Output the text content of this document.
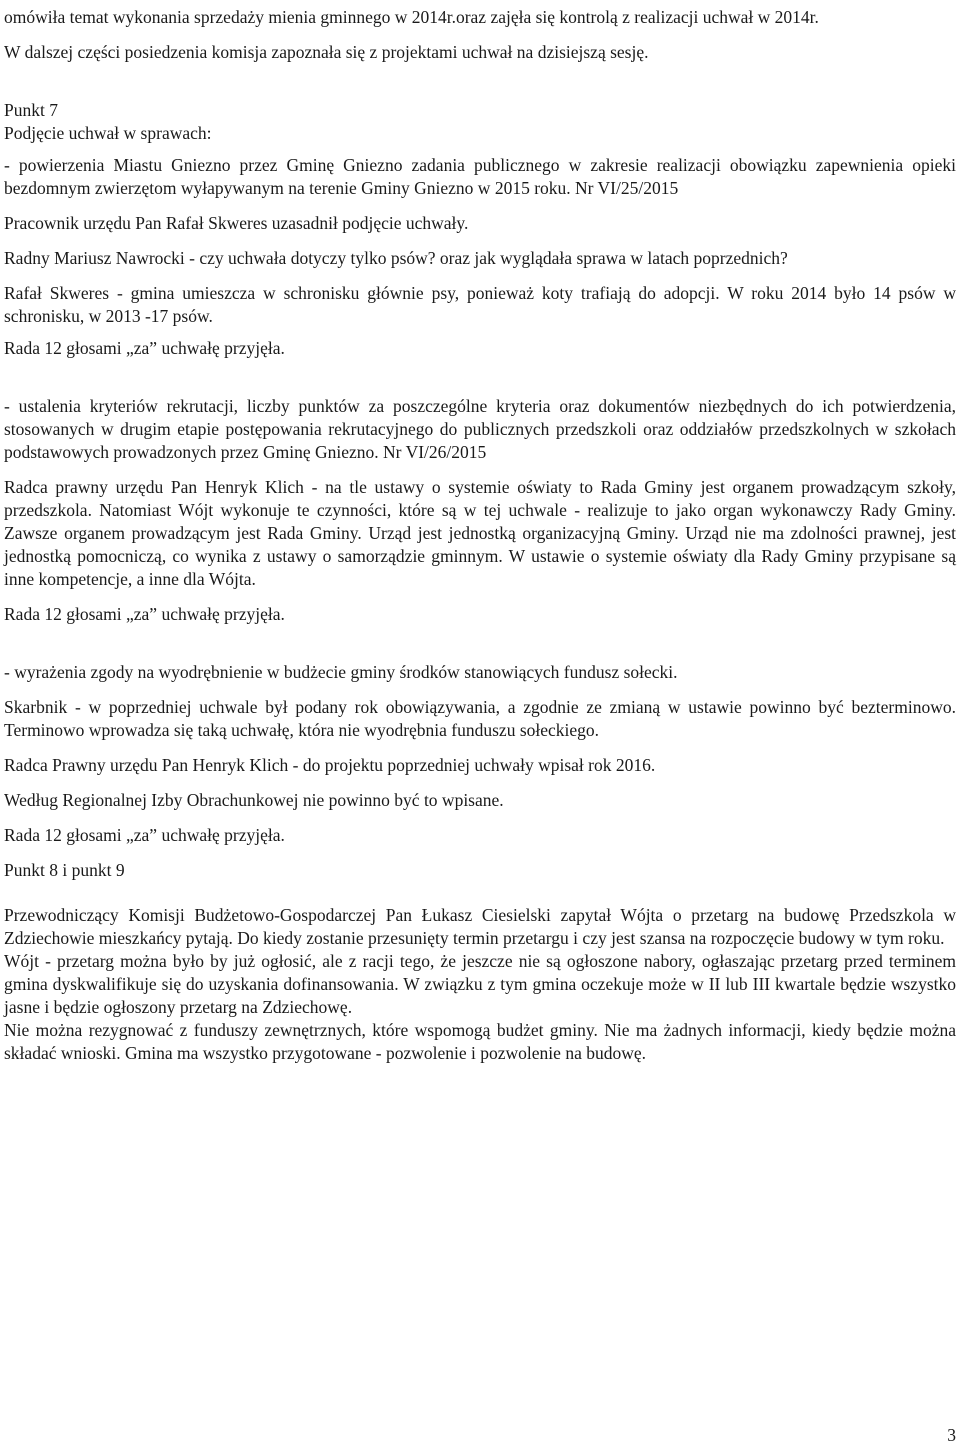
omówiła temat wykonania sprzedaży mienia gminnego w 2014r.oraz zajęła się kontrolą z realizacji uchwał w 2014r.

W dalszej części posiedzenia komisja zapoznała się z projektami uchwał na dzisiejszą sesję.

Punkt 7

Podjęcie uchwał w sprawach:

- powierzenia Miastu Gniezno przez Gminę Gniezno zadania publicznego w zakresie realizacji obowiązku zapewnienia opieki bezdomnym zwierzętom wyłapywanym na terenie Gminy Gniezno w 2015 roku. Nr VI/25/2015

Pracownik urzędu Pan Rafał Skweres uzasadnił podjęcie uchwały.

Radny Mariusz Nawrocki - czy uchwała dotyczy tylko psów? oraz jak wyglądała sprawa w latach poprzednich?

Rafał Skweres - gmina umieszcza w schronisku głównie psy, ponieważ koty trafiają do adopcji. W roku 2014 było 14 psów w schronisku, w 2013 -17 psów.

Rada 12 głosami „za” uchwałę przyjęła.

- ustalenia kryteriów rekrutacji, liczby punktów za poszczególne kryteria oraz dokumentów niezbędnych do ich potwierdzenia, stosowanych w drugim etapie postępowania rekrutacyjnego do publicznych przedszkoli oraz oddziałów przedszkolnych w szkołach podstawowych prowadzonych przez Gminę Gniezno. Nr VI/26/2015

Radca prawny urzędu Pan Henryk Klich - na tle ustawy o systemie oświaty to Rada Gminy jest organem prowadzącym szkoły, przedszkola. Natomiast Wójt wykonuje te czynności, które są w tej uchwale - realizuje to jako organ wykonawczy Rady Gminy. Zawsze organem prowadzącym jest Rada Gminy. Urząd jest jednostką organizacyjną Gminy. Urząd nie ma zdolności prawnej, jest jednostką pomocniczą, co wynika z ustawy o samorządzie gminnym. W ustawie o systemie oświaty dla Rady Gminy przypisane są inne kompetencje, a inne dla Wójta.

Rada 12 głosami „za” uchwałę przyjęła.

- wyrażenia zgody na wyodrębnienie w budżecie gminy środków stanowiących fundusz sołecki.

Skarbnik - w poprzedniej uchwale był podany rok obowiązywania, a zgodnie ze zmianą w ustawie powinno być bezterminowo. Terminowo wprowadza się taką uchwałę, która nie wyodrębnia funduszu sołeckiego.

Radca Prawny urzędu Pan Henryk Klich - do projektu poprzedniej uchwały wpisał rok 2016.

Według Regionalnej Izby Obrachunkowej nie powinno być to wpisane.

Rada 12 głosami „za” uchwałę przyjęła.

Punkt 8 i punkt 9

Przewodniczący Komisji Budżetowo-Gospodarczej Pan Łukasz Ciesielski zapytał Wójta o przetarg na budowę Przedszkola w Zdziechowie mieszkańcy pytają. Do kiedy zostanie przesunięty termin przetargu i czy jest szansa na rozpoczęcie budowy w tym roku.

Wójt - przetarg można było by już ogłosić, ale z racji tego, że jeszcze nie są ogłoszone nabory, ogłaszając przetarg przed terminem gmina dyskwalifikuje się do uzyskania dofinansowania. W związku z tym gmina oczekuje może w II lub III kwartale będzie wszystko jasne i będzie ogłoszony przetarg na Zdziechowę.

Nie można rezygnować z funduszy zewnętrznych, które wspomogą budżet gminy. Nie ma żadnych informacji, kiedy będzie można składać wnioski. Gmina ma wszystko przygotowane - pozwolenie i pozwolenie na budowę.

3
